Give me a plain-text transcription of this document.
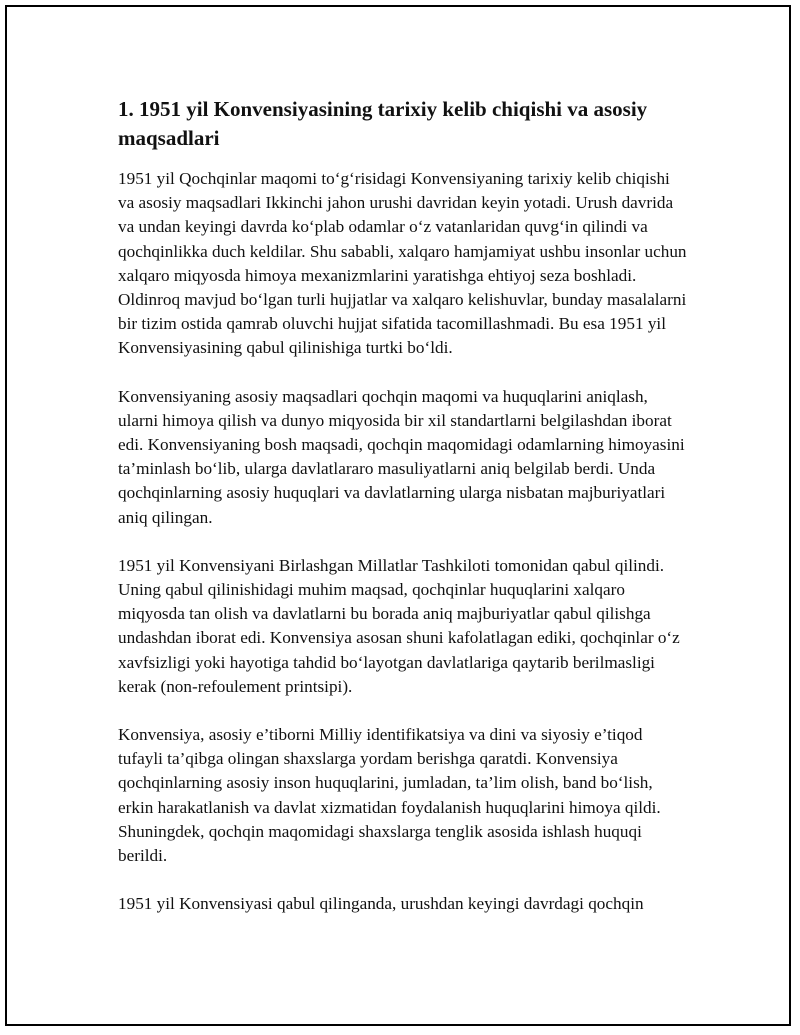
1. 1951 yil Konvensiyasining tarixiy kelib chiqishi va asosiy maqsadlari

1951 yil Qochqinlar maqomi to‘g‘risidagi Konvensiyaning tarixiy kelib chiqishi va asosiy maqsadlari Ikkinchi jahon urushi davridan keyin yotadi. Urush davrida va undan keyingi davrda ko‘plab odamlar o‘z vatanlaridan quvg‘in qilindi va qochqinlikka duch keldilar. Shu sababli, xalqaro hamjamiyat ushbu insonlar uchun xalqaro miqyosda himoya mexanizmlarini yaratishga ehtiyoj seza boshladi. Oldinroq mavjud bo‘lgan turli hujjatlar va xalqaro kelishuvlar, bunday masalalarni bir tizim ostida qamrab oluvchi hujjat sifatida tacomillashmadi. Bu esa 1951 yil Konvensiyasining qabul qilinishiga turtki bo‘ldi.

Konvensiyaning asosiy maqsadlari qochqin maqomi va huquqlarini aniqlash, ularni himoya qilish va dunyo miqyosida bir xil standartlarni belgilashdan iborat edi. Konvensiyaning bosh maqsadi, qochqin maqomidagi odamlarning himoyasini ta’minlash bo‘lib, ularga davlatlararo masuliyatlarni aniq belgilab berdi. Unda qochqinlarning asosiy huquqlari va davlatlarning ularga nisbatan majburiyatlari aniq qilingan.

1951 yil Konvensiyani Birlashgan Millatlar Tashkiloti tomonidan qabul qilindi. Uning qabul qilinishidagi muhim maqsad, qochqinlar huquqlarini xalqaro miqyosda tan olish va davlatlarni bu borada aniq majburiyatlar qabul qilishga undashdan iborat edi. Konvensiya asosan shuni kafolatlagan ediki, qochqinlar o‘z xavfsizligi yoki hayotiga tahdid bo‘layotgan davlatlariga qaytarib berilmasligi kerak (non-refoulement printsipi).

Konvensiya, asosiy e’tiborni Milliy identifikatsiya va dini va siyosiy e’tiqod tufayli ta’qibga olingan shaxslarga yordam berishga qaratdi. Konvensiya qochqinlarning asosiy inson huquqlarini, jumladan, ta’lim olish, band bo‘lish, erkin harakatlanish va davlat xizmatidan foydalanish huquqlarini himoya qildi. Shuningdek, qochqin maqomidagi shaxslarga tenglik asosida ishlash huquqi berildi.

1951 yil Konvensiyasi qabul qilinganda, urushdan keyingi davrdagi qochqin
